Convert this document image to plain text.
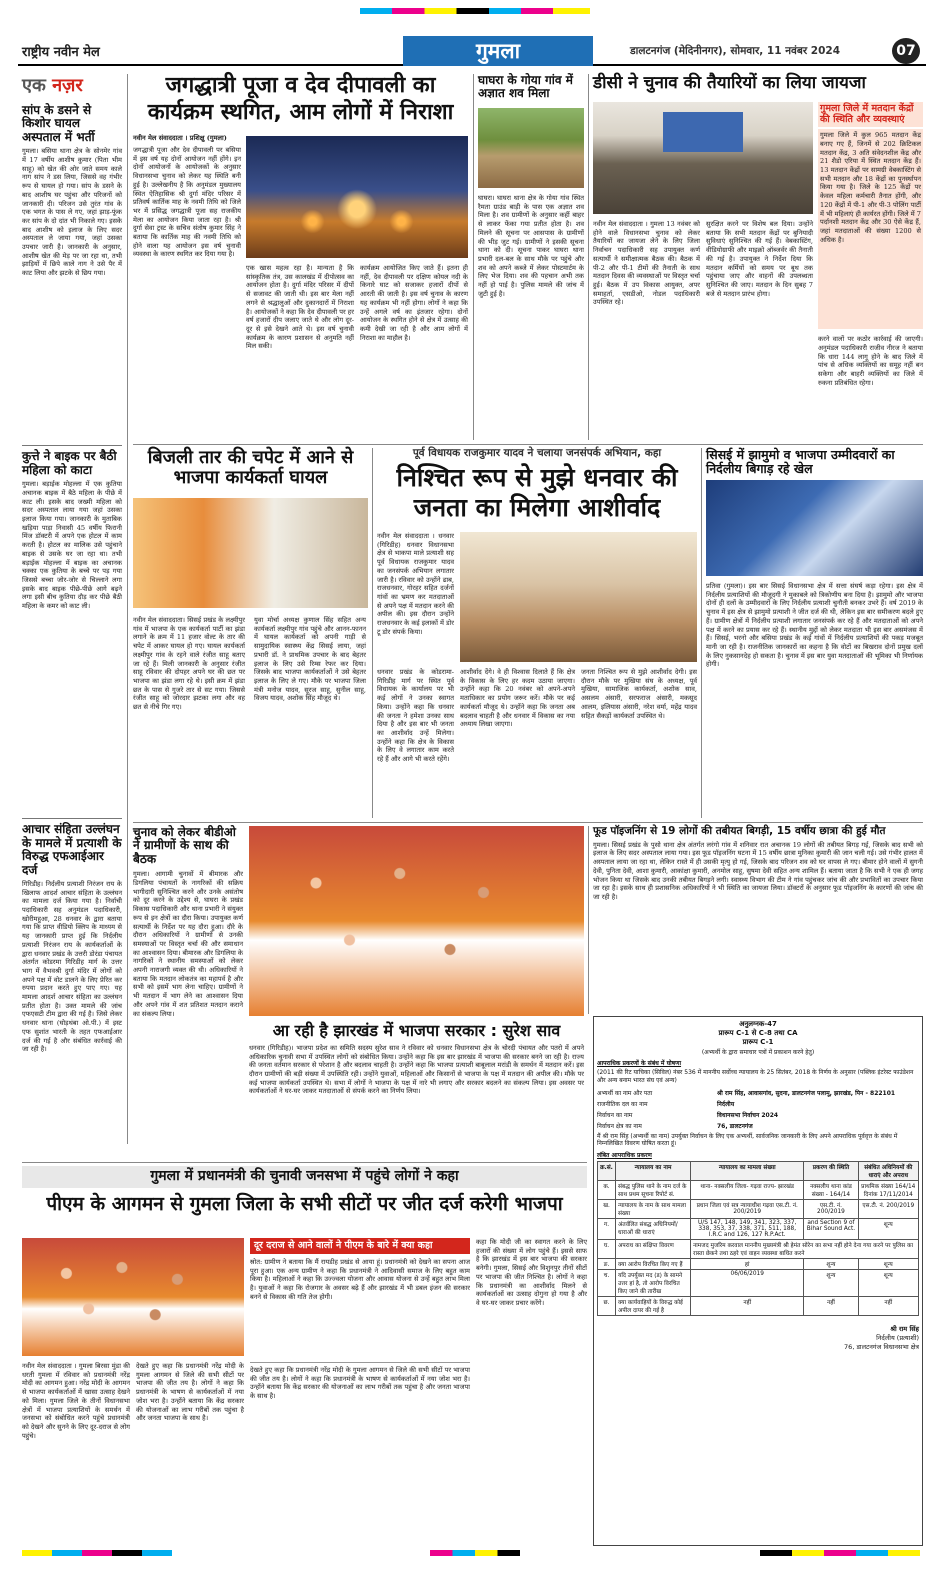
राष्ट्रीय नवीन मेल	गुमला	डालटनगंज (मेदिनीनगर), सोमवार, 11 नवंबर 2024	07
एक नज़र
सांप के डसने से किशोर घायल अस्पताल में भर्ती
गुमला। बसिया थाना क्षेत्र के सोनमेर गांव में 17 वर्षीय आशीष कुमार (पिता भीम साहू) को खेत की ओर जाते समय काले नाग सांप ने डस लिया, जिससे वह गंभीर रूप से घायल हो गया। सांप के डसने के बाद आशीष घर पहुंचा और परिजनों को जानकारी दी। परिजन उसे तुरंत गांव के एक भगत के पास ले गए, जहां झाड़-फूंक कर सांप के दो दांत भी निकाले गए। इसके बाद आशीष को इलाज के लिए सदर अस्पताल ले जाया गया, जहां उसका उपचार जारी है। जानकारी के अनुसार, आशीष खेत की मेड़ पर जा रहा था, तभी झाड़ियों में छिपे काले नाग ने उसे पैर में काट लिया और झटके से छिप गया।
कुत्ते ने बाइक पर बैठी महिला को काटा
गुमला। बड़ाईक मोहल्ला में एक कुतिया अचानक बाइक में बैठे महिला के पीछे में काट ली। इसके बाद जख्मी महिला को सदर अस्पताल लाया गया जहां उसका इलाज किया गया। जानकारी के मुताबिक खड़िया पाड़ा निवासी 45 वर्षीय फिरानी मिंज डॉक्टरी में अपने एक होटल में काम करती है। होटल का मालिक उसे पहुंचाने बाइक से उसके घर जा रहा था। तभी बड़ाईक मोहल्ला में बाइक का अचानक चक्का एक कुतिया के बच्चे पर पड़ गया जिससे बच्चा जोर-जोर से चिल्लाने लगा इसके बाद बाइक पीछे-पीछे आगे बढ़ने लगा इसी बीच कुतिया दौड़ कर पीछे बैठी महिला के कमर को काट ली।
आचार संहिता उल्लंघन के मामले में प्रत्याशी के विरुद्ध एफआईआर दर्ज
गिरिडीह। निर्दलीय प्रत्याशी निरंजन राय के खिलाफ आदर्श आचार संहिता के उल्लंघन का मामला दर्ज किया गया है। निर्वाची पदाधिकारी सह अनुमंडल पदाधिकारी, खोरीमहुआ, 28 धनवार के द्वारा बताया गया कि प्राप्त वीडियो क्लिप के माध्यम से यह जानकारी प्राप्त हुई कि निर्दलीय प्रत्याशी निरंजन राय के कार्यकर्ताओं के द्वारा धनवार प्रखंड के उत्तरी डोरंडा पंचायत अंतर्गत कोडरमा गिरिडीह मार्ग के उत्तर भाग में वैभवश्री दुर्गा मंदिर में लोगों को अपने पक्ष में वोट डालने के लिए प्रेरित कर रुपया प्रदान करते हुए पाए गए। यह मामला आदर्श आचार संहिता का उल्लंघन प्रतीत होता है। उक्त मामले की जांच एफएसटी टीम द्वारा की गई है। जिसे लेकर धनवार थाना (घोड़थंबा ओ.पी.) में इस्ट एफ सुशांत भारती के तहत एफआईआर दर्ज की गई है और संबंधित कार्रवाई की जा रही है।
जगद्धात्री पूजा व देव दीपावली का
कार्यक्रम स्थगित, आम लोगों में निराशा
नवीन मेल संवाददाता । प्रशिक्षु (गुमला)
जगद्धात्री पूजा और देव दीपावली पर बसिया में इस वर्ष यह दोनों आयोजन नहीं होंगे। इन दोनों आयोजनों के आयोजकों के अनुसार विधानसभा चुनाव को लेकर यह स्थिति बनी हुई है। उल्लेखनीय है कि अनुमंडल मुख्यालय स्थित ऐतिहासिक श्री दुर्गा मंदिर परिसर में प्रतिवर्ष कार्तिक माह के नवमी तिथि को जिले भर में प्रसिद्ध जगद्धात्री पूजा सह राजकीय मेला का आयोजन किया जाता रहा है। श्री दुर्गा सेवा ट्रस्ट के सचिव संतोष कुमार सिंह ने बताया कि कार्तिक माह की नवमी तिथि को होने वाला यह आयोजन इस वर्ष चुनावी व्यवस्था के कारण स्थगित कर दिया गया है।
एक खास महत्व रहा है। मान्यता है कि सांस्कृतिक तंत्र, उस कालखंड में दीपोत्सव का आयोजन होता है। दुर्गा मंदिर परिसर में दीपों से सजावट की जाती थी। इस बार मेला नहीं लगने से श्रद्धालुओं और दुकानदारों में निराशा है। आयोजकों ने कहा कि देव दीपावली पर हर वर्ष हजारों दीप जलाए जाते थे और लोग दूर-दूर से इसे देखने आते थे। इस वर्ष चुनावी कार्यक्रम के कारण प्रशासन से अनुमति नहीं मिल सकी।
कार्यक्रम आयोजित किए जाते हैं। इतना ही नहीं, देव दीपावली पर दक्षिण कोयल नदी के किनारे घाट को सजाकर हजारों दीपों से आरती की जाती है। इस वर्ष चुनाव के कारण यह कार्यक्रम भी नहीं होगा। लोगों ने कहा कि उन्हें अगले वर्ष का इंतजार रहेगा। दोनों आयोजन के स्थगित होने से क्षेत्र में उत्साह की कमी देखी जा रही है और आम लोगों में निराशा का माहौल है।
घाघरा के गोया गांव में अज्ञात शव मिला
घाघरा। घाघरा थाना क्षेत्र के गोया गांव स्थित रैमता ग्राउंड बाड़ी के पास एक अज्ञात शव मिला है। शव ग्रामीणों के अनुसार कहीं बाहर से लाकर फेंका गया प्रतीत होता है। शव मिलने की सूचना पर आसपास के ग्रामीणों की भीड़ जुट गई। ग्रामीणों ने इसकी सूचना थाना को दी। सूचना पाकर घाघरा थाना प्रभारी दल-बल के साथ मौके पर पहुंचे और शव को अपने कब्जे में लेकर पोस्टमार्टम के लिए भेज दिया। शव की पहचान अभी तक नहीं हो पाई है। पुलिस मामले की जांच में जुटी हुई है।
डीसी ने चुनाव की तैयारियों का लिया जायजा
नवीन मेल संवाददाता । गुमला 13 नवंबर को होने वाले विधानसभा चुनाव को लेकर तैयारियों का जायजा लेने के लिए जिला निर्वाचन पदाधिकारी सह उपायुक्त कर्ण सत्यार्थी ने समीक्षात्मक बैठक की। बैठक में पी-2 और पी-1 टीमों की तैनाती के साथ मतदान दिवस की व्यवस्थाओं पर विस्तृत चर्चा हुई। बैठक में उप विकास आयुक्त, अपर समाहर्ता, एसडीओ, नोडल पदाधिकारी उपस्थित रहे।
सुरक्षित करने पर विशेष बल दिया। उन्होंने बताया कि सभी मतदान केंद्रों पर बुनियादी सुविधाएं सुनिश्चित की गई हैं। वेबकास्टिंग, वीडियोग्राफी और माइक्रो ऑब्जर्वर की तैनाती की गई है। उपायुक्त ने निर्देश दिया कि मतदान कर्मियों को समय पर बूथ तक पहुंचाया जाए और वाहनों की उपलब्धता सुनिश्चित की जाए। मतदान के दिन सुबह 7 बजे से मतदान प्रारंभ होगा।
गुमला जिले में मतदान केंद्रों की स्थिति और व्यवस्थाएं
गुमला जिले में कुल 965 मतदान केंद्र बनाए गए हैं, जिनमें से 202 क्रिटिकल मतदान केंद्र, 3 अति संवेदनशील केंद्र और 21 शैडो एरिया में स्थित मतदान केंद्र हैं। 13 मतदान केंद्रों पर सामग्री वेबकास्टिंग से सभी मतदान और 18 केंद्रों का पुनर्स्थापन किया गया है। जिले के 125 केंद्रों पर केवल महिला कर्मचारी तैनात होंगी, और 120 केंद्रों में पी-1 और पी-3 पोलिंग पार्टी में भी महिलाएं ही कार्यरत होंगी। जिले में 7 पर्दानशी मतदान केंद्र और 30 ऐसे केंद्र हैं, जहां मतदाताओं की संख्या 1200 से अधिक है।
करने वालों पर कठोर कार्रवाई की जाएगी। अनुमंडल पदाधिकारी राजीव नीरज ने बताया कि धारा 144 लागू होने के बाद जिले में पांच से अधिक व्यक्तियों का समूह नहीं बन सकेगा और बाहरी व्यक्तियों का जिले में रुकना प्रतिबंधित रहेगा।
बिजली तार की चपेट में आने से भाजपा कार्यकर्ता घायल
नवीन मेल संवाददाता। सिसई प्रखंड के लक्ष्मीपुर गांव में भाजपा के एक कार्यकर्ता पार्टी का झंडा लगाने के क्रम में 11 हजार वोल्ट के तार की चपेट में आकर घायल हो गए। घायल कार्यकर्ता लक्ष्मीपुर गांव के रहने वाले रंजीत साहू बताए जा रहे हैं। मिली जानकारी के अनुसार रंजीत साहू रविवार की दोपहर अपने घर की छत पर भाजपा का झंडा लगा रहे थे। इसी क्रम में झंडा छत के पास से गुजरे तार से सट गया। जिससे रंजीत साहू को जोरदार झटका लगा और वह छत से नीचे गिर गए।
युवा मोर्चा अध्यक्ष कुणाल सिंह सहित अन्य कार्यकर्ता लक्ष्मीपुर गांव पहुंचे और आनन-फानन में घायल कार्यकर्ता को अपनी गाड़ी से सामुदायिक स्वास्थ्य केंद्र सिसई लाया, जहां प्रभारी डॉ. ने प्राथमिक उपचार के बाद बेहतर इलाज के लिए उसे रिम्स रेफर कर दिया। जिसके बाद भाजपा कार्यकर्ताओं ने उसे बेहतर इलाज के लिए ले गए। मौके पर भाजपा जिला मंत्री मनोज यादव, सूरज साहू, सुनील साहू, विजय यादव, अशोक सिंह मौजूद थे।
पूर्व विधायक राजकुमार यादव ने चलाया जनसंपर्क अभियान, कहा
निश्चित रूप से मुझे धनवार की
जनता का मिलेगा आशीर्वाद
नवीन मेल संवाददाता । धनवार (गिरिडीह) धनवार विधानसभा क्षेत्र से भाकपा माले प्रत्याशी सह पूर्व विधायक राजकुमार यादव का जनसंपर्क अभियान लगातार जारी है। रविवार को उन्होंने ढाब, राजधनवार, गोरहर सहित दर्जनों गांवों का भ्रमण कर मतदाताओं से अपने पक्ष में मतदान करने की अपील की। इस दौरान उन्होंने राजधनवार के कई इलाकों में डोर टू डोर संपर्क किया।
धनवार प्रखंड के कोडरामा-गिरिडीह मार्ग पर स्थित पूर्व विधायक के कार्यालय पर भी कई लोगों ने उनका स्वागत किया। उन्होंने कहा कि धनवार की जनता ने हमेशा उनका साथ दिया है और इस बार भी जनता का आशीर्वाद उन्हें मिलेगा। उन्होंने कहा कि क्षेत्र के विकास के लिए वे लगातार काम करते रहे हैं और आगे भी करते रहेंगे।
आशीर्वाद देंगे। वे ही विश्वास दिलाते हैं कि क्षेत्र के विकास के लिए हर कदम उठाया जाएगा। उन्होंने कहा कि 20 नवंबर को अपने-अपने मताधिकार का प्रयोग जरूर करें। मौके पर कई कार्यकर्ता मौजूद थे। उन्होंने कहा कि जनता अब बदलाव चाहती है और धनवार में विकास का नया अध्याय लिखा जाएगा।
जनता निश्चित रूप से मुझे आशीर्वाद देगी। इस दौरान मौके पर मुखिया संघ के अध्यक्ष, पूर्व मुखिया, सामाजिक कार्यकर्ता, अशोक साव, असलम अंसारी, सरफराज अंसारी, मकसूद आलम, इलियास अंसारी, नरेश वर्मा, महेंद्र यादव सहित सैकड़ों कार्यकर्ता उपस्थित थे।
सिसई में झामुमो व भाजपा उम्मीदवारों का निर्दलीय बिगाड़ रहे खेल
प्रतिवा (गुमला)। इस बार सिसई विधानसभा क्षेत्र में सत्ता संघर्ष कड़ा रहेगा। इस क्षेत्र में निर्दलीय प्रत्याशियों की मौजूदगी ने मुकाबले को त्रिकोणीय बना दिया है। झामुमो और भाजपा दोनों ही दलों के उम्मीदवारों के लिए निर्दलीय प्रत्याशी चुनौती बनकर उभरे हैं। वर्ष 2019 के चुनाव में इस क्षेत्र से झामुमो प्रत्याशी ने जीत दर्ज की थी, लेकिन इस बार समीकरण बदले हुए हैं। ग्रामीण क्षेत्रों में निर्दलीय प्रत्याशी लगातार जनसंपर्क कर रहे हैं और मतदाताओं को अपने पक्ष में करने का प्रयास कर रहे हैं। स्थानीय मुद्दों को लेकर मतदाता भी इस बार असमंजस में हैं। सिसई, भरनो और बसिया प्रखंड के कई गांवों में निर्दलीय प्रत्याशियों की पकड़ मजबूत मानी जा रही है। राजनीतिक जानकारों का कहना है कि वोटों का बिखराव दोनों प्रमुख दलों के लिए नुकसानदेह हो सकता है। चुनाव में इस बार युवा मतदाताओं की भूमिका भी निर्णायक होगी।
चुनाव को लेकर बीडीओ ने ग्रामीणों के साथ की बैठक
गुमला। आगामी चुनावों में बीमारक और डिगलिया पंचायतों के नागरिकों की सक्रिय भागीदारी सुनिश्चित करने और उनके असंतोष को दूर करने के उद्देश्य से, घाघरा के प्रखंड विकास पदाधिकारी और थाना प्रभारी ने संयुक्त रूप से इन क्षेत्रों का दौरा किया। उपायुक्त कर्ण सत्यार्थी के निर्देश पर यह दौरा हुआ। दौरे के दौरान अधिकारियों ने ग्रामीणों से उनकी समस्याओं पर विस्तृत चर्चा की और समाधान का आश्वासन दिया। बीमारक और डिगलिया के नागरिकों ने स्थानीय समस्याओं को लेकर अपनी नाराजगी व्यक्त की थी। अधिकारियों ने बताया कि मतदान लोकतंत्र का महापर्व है और सभी को इसमें भाग लेना चाहिए। ग्रामीणों ने भी मतदान में भाग लेने का आश्वासन दिया और अपने गांव में शत प्रतिशत मतदान कराने का संकल्प लिया।
फूड पॉइजनिंग से 19 लोगों की तबीयत बिगड़ी, 15 वर्षीय छात्रा की हुई मौत
गुमला। सिसई प्रखंड के पुसो थाना क्षेत्र अंतर्गत लरंगो गांव में शनिवार रात अचानक 19 लोगों की तबीयत बिगड़ गई, जिसके बाद सभी को इलाज के लिए सदर अस्पताल लाया गया। इस फूड पॉइजनिंग घटना में 15 वर्षीय छात्रा मुनिका कुमारी की जान चली गई। उसे गंभीर हालत में अस्पताल लाया जा रहा था, लेकिन रास्ते में ही उसकी मृत्यु हो गई, जिसके बाद परिजन शव को घर वापस ले गए। बीमार होने वालों में सुगनी देवी, पुनिता देवी, आशा कुमारी, आकांक्षा कुमारी, अनमोल साहू, सुषमा देवी सहित अन्य शामिल हैं। बताया जाता है कि सभी ने एक ही जगह भोजन किया था जिसके बाद उनकी तबीयत बिगड़ने लगी। स्वास्थ्य विभाग की टीम ने गांव पहुंचकर जांच की और प्रभावितों का उपचार किया जा रहा है। इसके साथ ही प्रशासनिक अधिकारियों ने भी स्थिति का जायजा लिया। डॉक्टरों के अनुसार फूड पॉइजनिंग के कारणों की जांच की जा रही है।
आ रही है झारखंड में भाजपा सरकार : सुरेश साव
धनवार (गिरिडीह)। भाजपा प्रदेश का समिति सदस्य सुरेश साव ने रविवार को धनवार विधानसभा क्षेत्र के चोरदी पंचायत और पतरो में अपने अधिकारिक चुनावी सभा में उपस्थित लोगों को संबोधित किया। उन्होंने कहा कि इस बार झारखंड में भाजपा की सरकार बनने जा रही है। राज्य की जनता वर्तमान सरकार से परेशान है और बदलाव चाहती है। उन्होंने कहा कि भाजपा प्रत्याशी बाबूलाल मरांडी के समर्थन में मतदान करें। इस दौरान ग्रामीणों की बड़ी संख्या में उपस्थिति रही। उन्होंने युवाओं, महिलाओं और किसानों से भाजपा के पक्ष में मतदान की अपील की। मौके पर कई भाजपा कार्यकर्ता उपस्थित थे। सभा में लोगों ने भाजपा के पक्ष में नारे भी लगाए और सरकार बदलने का संकल्प लिया। इस अवसर पर कार्यकर्ताओं ने घर-घर जाकर मतदाताओं से संपर्क करने का निर्णय लिया।
अनुलग्नक-47
प्रारूप C-1 से C-8 तथा CA
प्रारूप C-1
(अभ्यर्थी के द्वारा समाचार पत्रों में प्रकाशन करने हेतु)
आपराधिक प्रकरणों के संबंध में घोषणा
(2011 की रिट याचिका (सिविल) नंबर 536 में माननीय सर्वोच्च न्यायालय के 25 सितंबर, 2018 के निर्णय के अनुसार (पब्लिक इंटरेस्ट फाउंडेशन और अन्य बनाम भारत संघ एवं अन्य)
अभ्यर्थी का नाम और पता	श्री राम सिंह, आवासगांव, सुदना, डालटनगंज पलामू, झारखंड, पिन - 822101
राजनीतिक दल का नाम	निर्दलीय
निर्वाचन का नाम	विधानसभा निर्वाचन 2024
निर्वाचन क्षेत्र का नाम	76, डालटनगंज
मैं श्री राम सिंह (अभ्यर्थी का नाम) उपर्युक्त निर्वाचन के लिए एक अभ्यर्थी, सार्वजनिक जानकारी के लिए अपने आपराधिक पूर्ववृत्त के संबंध में निम्नलिखित विवरण घोषित करता हूं।
लंबित आपराधिक प्रकरण
क्र.सं.	न्यायालय का नाम	न्यायालय का मामला संख्या	प्रकरण की स्थिति	संबंधित अधिनियमों की धाराएं और अपराध
क.	संबद्ध पुलिस थाने के नाम दर्ज के साथ प्रथम सूचना रिपोर्ट सं.	थाना- नक्सलीय जिला- गढ़वा राज्य- झारखंड	नक्सलीय थाना कांड संख्या - 164/14	प्राथमिक संख्या 164/14 दिनांक 17/11/2014
ख.	न्यायालय के नाम के साथ मामला संख्या	प्रधान जिला एवं सत्र न्यायाधीश गढ़वा एस.टी. नं. 200/2019	एस.टी. नं. 200/2019	एस.टी. नं. 200/2019
ग.	अंतर्वलित संबद्ध अधिनियमों/धाराओं की धाराएं	U/S 147, 148, 149, 341, 323, 337, 338, 353, 37, 338, 371, 511, 188, I.R.C and 126, 127 R.P.Act.	and Section 9 of Bihar Sound Act.	शून्य
घ.	अपराध का संक्षिप्त विवरण	नामजद मुजरिम करवाल माननीय मुख्यमंत्री श्री हेमंत सोरेन का सभा नहीं होने देना गया करने पर पुलिस का रास्ता छेकने तथा ठहरे एवं वाहन व्यवस्था बाधित करने		
ङ.	क्या आरोप विरचित किए गए हैं	हां	शून्य	शून्य
च.	यदि उपर्युक्त मद (ड) के सामने उत्तर हां है, तो आरोप विरचित किए जाने की तारीख	06/06/2019	शून्य	शून्य
छ.	क्या कार्यवाहियों के विरुद्ध कोई अपील दायर की गई है	नहीं	नहीं	नहीं
श्री राम सिंह
निर्दलीय (प्रत्याशी)
76, डालटनगंज विधानसभा क्षेत्र
गुमला में प्रधानमंत्री की चुनावी जनसभा में पहुंचे लोगों ने कहा
पीएम के आगमन से गुमला जिला के सभी सीटों पर जीत दर्ज करेगी भाजपा
दूर दराज से आने वालों ने पीएम के बारे में क्या कहा
स्रोत: ग्रामीण ने बताया कि मैं रायडीह प्रखंड से आया हूं। प्रधानमंत्री को देखने का सपना आज पूरा हुआ। एक अन्य ग्रामीण ने कहा कि प्रधानमंत्री ने आदिवासी समाज के लिए बहुत काम किया है। महिलाओं ने कहा कि उज्ज्वला योजना और आवास योजना से उन्हें बहुत लाभ मिला है। युवाओं ने कहा कि रोजगार के अवसर बढ़े हैं और झारखंड में भी डबल इंजन की सरकार बनने से विकास की गति तेज होगी।
कहा कि मोदी जी का स्वागत करने के लिए हजारों की संख्या में लोग पहुंचे हैं। इससे साफ है कि झारखंड में इस बार भाजपा की सरकार बनेगी। गुमला, सिसई और विशुनपुर तीनों सीटों पर भाजपा की जीत निश्चित है। लोगों ने कहा कि प्रधानमंत्री का आशीर्वाद मिलने से कार्यकर्ताओं का उत्साह दोगुना हो गया है और वे घर-घर जाकर प्रचार करेंगे।
नवीन मेल संवाददाता । गुमला बिरसा मुंडा की धरती गुमला में रविवार को प्रधानमंत्री नरेंद्र मोदी का आगमन हुआ। नरेंद्र मोदी के आगमन से भाजपा कार्यकर्ताओं में खासा उत्साह देखने को मिला। गुमला जिले के तीनों विधानसभा क्षेत्रों में भाजपा प्रत्याशियों के समर्थन में जनसभा को संबोधित करने पहुंचे प्रधानमंत्री को देखने और सुनने के लिए दूर-दराज से लोग पहुंचे।
देखते हुए कहा कि प्रधानमंत्री नरेंद्र मोदी के गुमला आगमन से जिले की सभी सीटों पर भाजपा की जीत तय है। लोगों ने कहा कि प्रधानमंत्री के भाषण से कार्यकर्ताओं में नया जोश भरा है। उन्होंने बताया कि केंद्र सरकार की योजनाओं का लाभ गरीबों तक पहुंचा है और जनता भाजपा के साथ है।
देखते हुए कहा कि प्रधानमंत्री नरेंद्र मोदी के गुमला आगमन से जिले की सभी सीटों पर भाजपा की जीत तय है। लोगों ने कहा कि प्रधानमंत्री के भाषण से कार्यकर्ताओं में नया जोश भरा है। उन्होंने बताया कि केंद्र सरकार की योजनाओं का लाभ गरीबों तक पहुंचा है और जनता भाजपा के साथ है।
